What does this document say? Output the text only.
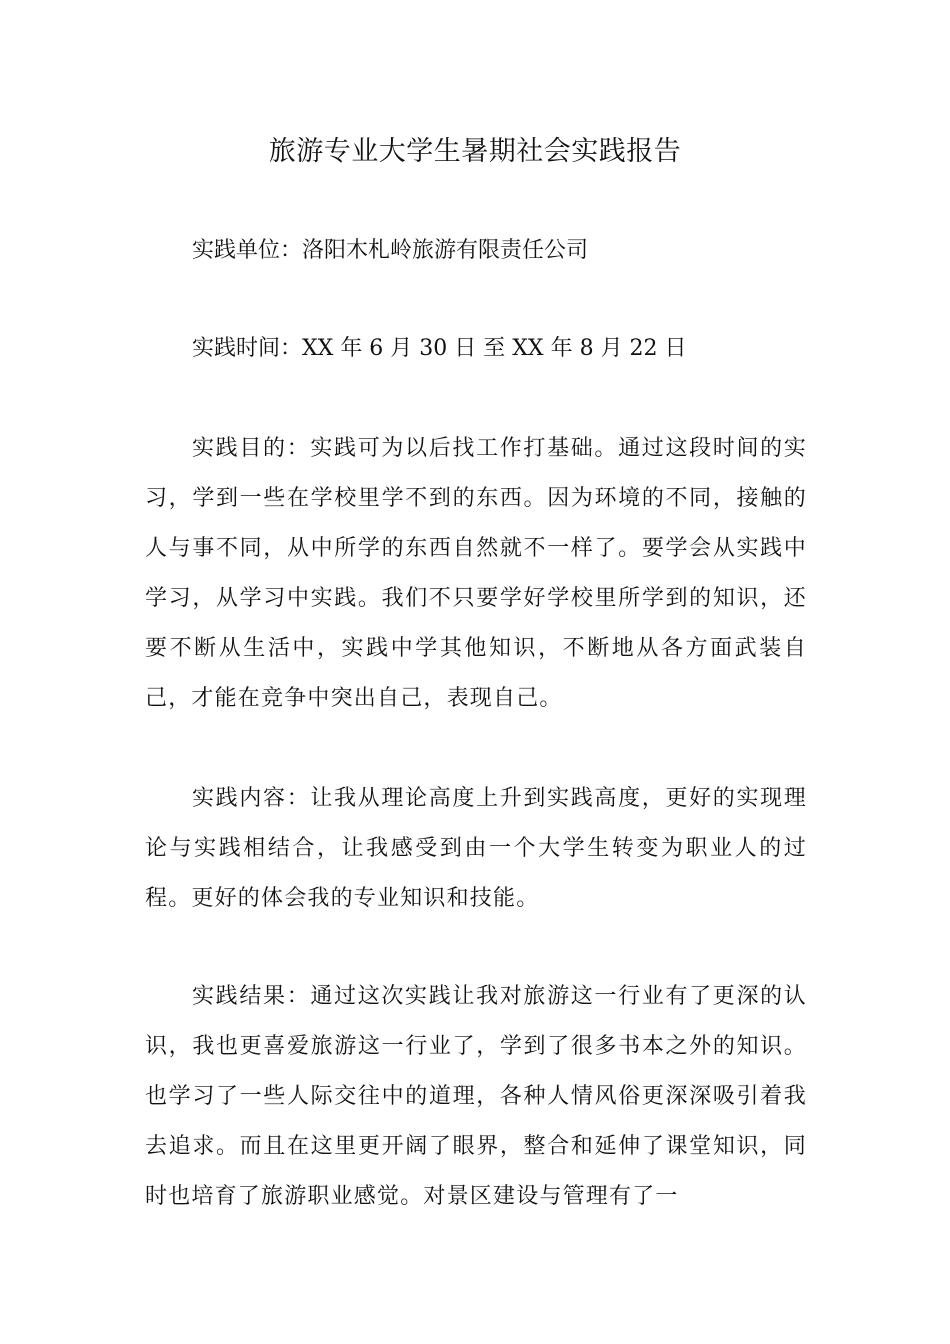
旅游专业大学生暑期社会实践报告
实践单位：洛阳木札岭旅游有限责任公司
实践时间：XX 年 6 月 30 日 至 XX 年 8 月 22 日

实践目的：实践可为以后找工作打基础。通过这段时间的实习，学到一些在学校里学不到的东西。因为环境的不同，接触的人与事不同，从中所学的东西自然就不一样了。要学会从实践中学习，从学习中实践。我们不只要学好学校里所学到的知识，还要不断从生活中，实践中学其他知识，不断地从各方面武装自己，才能在竞争中突出自己，表现自己。

实践内容：让我从理论高度上升到实践高度，更好的实现理论与实践相结合，让我感受到由一个大学生转变为职业人的过程。更好的体会我的专业知识和技能。

实践结果：通过这次实践让我对旅游这一行业有了更深的认识，我也更喜爱旅游这一行业了，学到了很多书本之外的知识。也学习了一些人际交往中的道理，各种人情风俗更深深吸引着我去追求。而且在这里更开阔了眼界，整合和延伸了课堂知识，同时也培育了旅游职业感觉。对景区建设与管理有了一
